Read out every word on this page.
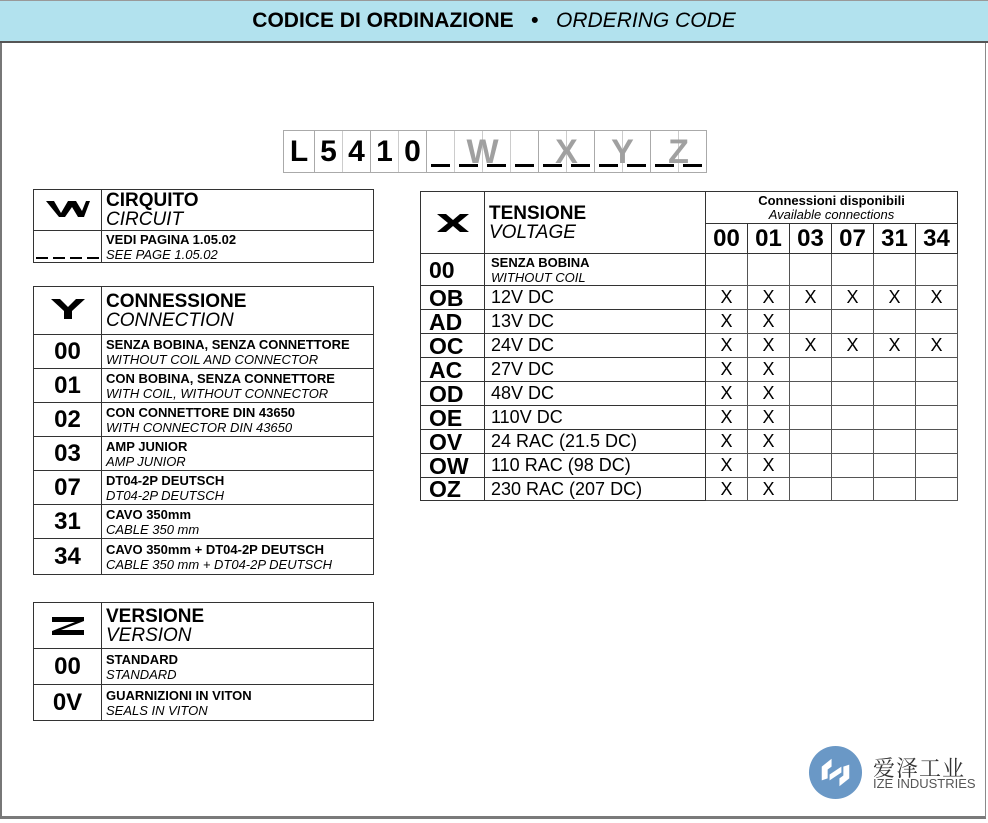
CODICE DI ORDINAZIONE • ORDERING CODE
L 5 4 1 0	W	X Y	Z

CIRQUITO
CIRCUIT

	VEDI PAGINA 1.05.02
SEE PAGE 1.05.02

CONNESSIONE
CONNECTION

00	SENZA BOBINA, SENZA CONNETTORE
WITHOUT COIL AND CONNECTOR

01	CON BOBINA, SENZA CONNETTORE
WITH COIL, WITHOUT CONNECTOR

02	CON CONNETTORE DIN 43650
WITH CONNECTOR DIN 43650

03	AMP JUNIOR
AMP JUNIOR

07	DT04-2P DEUTSCH
DT04-2P DEUTSCH

31	CAVO 350mm
CABLE 350 mm

34	CAVO 350mm + DT04-2P DEUTSCH
CABLE 350 mm + DT04-2P DEUTSCH

VERSIONE
VERSION

00	STANDARD
STANDARD

0V	GUARNIZIONI IN VITON
SEALS IN VITON

TENSIONE
VOLTAGE

Connessioni disponibili
Available connections

		00	01	03	07	31	34
00	SENZA BOBINA
WITHOUT COIL						

OB	12V DC	X	X	X	X	X	X
AD	13V DC	X	X				
OC	24V DC	X	X	X	X	X	X
AC	27V DC	X	X				
OD	48V DC	X	X				
OE	110V DC	X	X				
OV	24 RAC (21.5 DC)	X	X				
OW	110 RAC (98 DC)	X	X				
OZ	230 RAC (207 DC)	X	X				
爱泽工业
IZE INDUSTRIES
